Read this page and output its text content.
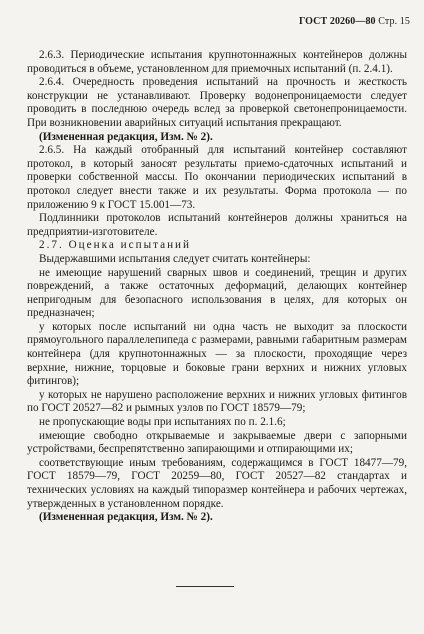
ГОСТ 20260—80 Стр. 15

2.6.3. Периодические испытания крупнотоннажных контейнеров должны проводиться в объеме, установленном для приемочных испытаний (п. 2.4.1).

2.6.4. Очередность проведения испытаний на прочность и жесткость конструкции не устанавливают. Проверку водонепроницаемости следует проводить в последнюю очередь вслед за проверкой светонепроницаемости. При возникновении аварийных ситуаций испытания прекращают.

(Измененная редакция, Изм. № 2).

2.6.5. На каждый отобранный для испытаний контейнер составляют протокол, в который заносят результаты приемо-сдаточных испытаний и проверки собственной массы. По окончании периодических испытаний в протокол следует внести также и их результаты. Форма протокола — по приложению 9 к ГОСТ 15.001—73.

Подлинники протоколов испытаний контейнеров должны храниться на предприятии-изготовителе.

2.7. Оценка испытаний

Выдержавшими испытания следует считать контейнеры:

не имеющие нарушений сварных швов и соединений, трещин и других повреждений, а также остаточных деформаций, делающих контейнер непригодным для безопасного использования в целях, для которых он предназначен;

у которых после испытаний ни одна часть не выходит за плоскости прямоугольного параллелепипеда с размерами, равными габаритным размерам контейнера (для крупнотоннажных — за плоскости, проходящие через верхние, нижние, торцовые и боковые грани верхних и нижних угловых фитингов);

у которых не нарушено расположение верхних и нижних угловых фитингов по ГОСТ 20527—82 и рымных узлов по ГОСТ 18579—79;

не пропускающие воды при испытаниях по п. 2.1.6;

имеющие свободно открываемые и закрываемые двери с запорными устройствами, беспрепятственно запирающими и отпирающими их;

соответствующие иным требованиям, содержащимся в ГОСТ 18477—79, ГОСТ 18579—79, ГОСТ 20259—80, ГОСТ 20527—82 стандартах и технических условиях на каждый типоразмер контейнера и рабочих чертежах, утвержденных в установленном порядке.

(Измененная редакция, Изм. № 2).
